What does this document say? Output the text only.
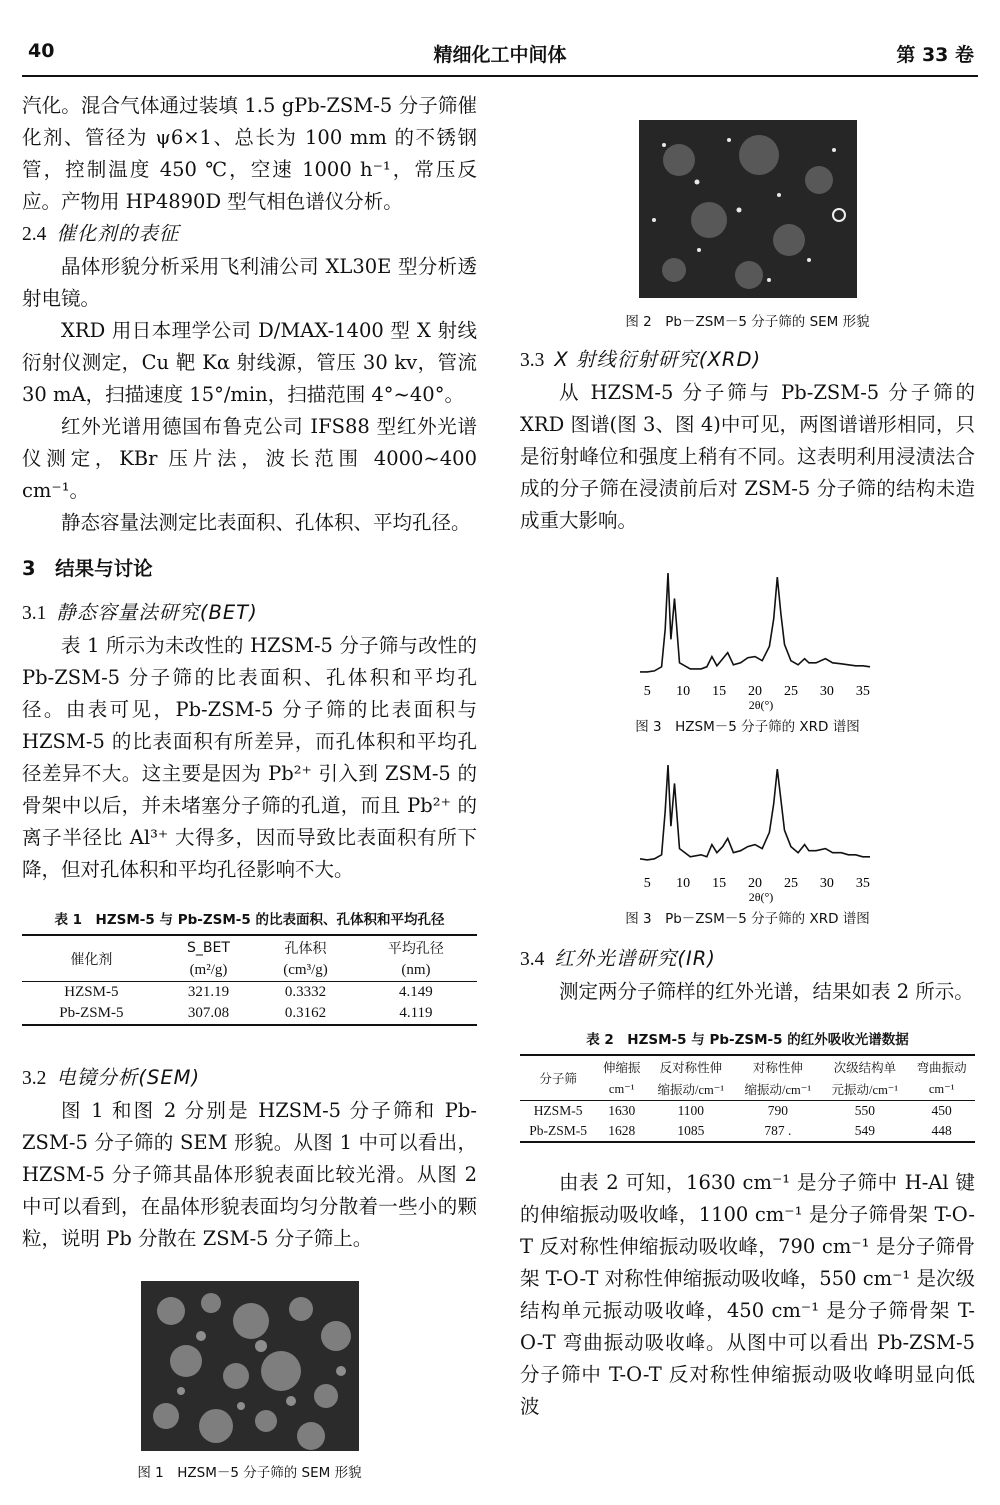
40	精细化工中间体	第 33 卷

汽化。混合气体通过装填 1.5 gPb-ZSM-5 分子筛催化剂、管径为 ψ6×1、总长为 100 mm 的不锈钢管，控制温度 450 ℃，空速 1000 h⁻¹，常压反应。产物用 HP4890D 型气相色谱仪分析。

2.4 催化剂的表征

晶体形貌分析采用飞利浦公司 XL30E 型分析透射电镜。

XRD 用日本理学公司 D/MAX-1400 型 X 射线衍射仪测定，Cu 靶 Kα 射线源，管压 30 kv，管流 30 mA，扫描速度 15°/min，扫描范围 4°~40°。

红外光谱用德国布鲁克公司 IFS88 型红外光谱仪测定，KBr 压片法，波长范围 4000~400 cm⁻¹。

静态容量法测定比表面积、孔体积、平均孔径。

3　结果与讨论
3.1 静态容量法研究(BET)

表 1 所示为未改性的 HZSM-5 分子筛与改性的 Pb-ZSM-5 分子筛的比表面积、孔体积和平均孔径。由表可见，Pb-ZSM-5 分子筛的比表面积与 HZSM-5 的比表面积有所差异，而孔体积和平均孔径差异不大。这主要是因为 Pb²⁺ 引入到 ZSM-5 的骨架中以后，并未堵塞分子筛的孔道，而且 Pb²⁺ 的离子半径比 Al³⁺ 大得多，因而导致比表面积有所下降，但对孔体积和平均孔径影响不大。

表 1　HZSM-5 与 Pb-ZSM-5 的比表面积、孔体积和平均孔径
催化剂	S_BET	孔体积	平均孔径
	(m²/g)	(cm³/g)	(nm)
HZSM-5	321.19	0.3332	4.149
Pb-ZSM-5	307.08	0.3162	4.119
3.2 电镜分析(SEM)

图 1 和图 2 分别是 HZSM-5 分子筛和 Pb-ZSM-5 分子筛的 SEM 形貌。从图 1 中可以看出，HZSM-5 分子筛其晶体形貌表面比较光滑。从图 2 中可以看到，在晶体形貌表面均匀分散着一些小的颗粒，说明 Pb 分散在 ZSM-5 分子筛上。

图 1　HZSM－5 分子筛的 SEM 形貌
图 2　Pb－ZSM－5 分子筛的 SEM 形貌
3.3 X 射线衍射研究(XRD)

从 HZSM-5 分子筛与 Pb-ZSM-5 分子筛的 XRD 图谱(图 3、图 4)中可见，两图谱谱形相同，只是衍射峰位和强度上稍有不同。这表明利用浸渍法合成的分子筛在浸渍前后对 ZSM-5 分子筛的结构未造成重大影响。

5 10 15 20 25 30 35
2θ(°)
图 3　HZSM－5 分子筛的 XRD 谱图
5 10 15 20 25 30 35
2θ(°)
图 3　Pb－ZSM－5 分子筛的 XRD 谱图
3.4 红外光谱研究(IR)

测定两分子筛样的红外光谱，结果如表 2 所示。

表 2　HZSM-5 与 Pb-ZSM-5 的红外吸收光谱数据
分子筛	伸缩振	反对称性伸	对称性伸	次级结构单	弯曲振动
	cm⁻¹	缩振动/cm⁻¹	缩振动/cm⁻¹	元振动/cm⁻¹	cm⁻¹
HZSM-5	1630	1100	790	550	450
Pb-ZSM-5	1628	1085	787 .	549	448

由表 2 可知，1630 cm⁻¹ 是分子筛中 H-Al 键的伸缩振动吸收峰，1100 cm⁻¹ 是分子筛骨架 T-O-T 反对称性伸缩振动吸收峰，790 cm⁻¹ 是分子筛骨架 T-O-T 对称性伸缩振动吸收峰，550 cm⁻¹ 是次级结构单元振动吸收峰，450 cm⁻¹ 是分子筛骨架 T-O-T 弯曲振动吸收峰。从图中可以看出 Pb-ZSM-5 分子筛中 T-O-T 反对称性伸缩振动吸收峰明显向低波
